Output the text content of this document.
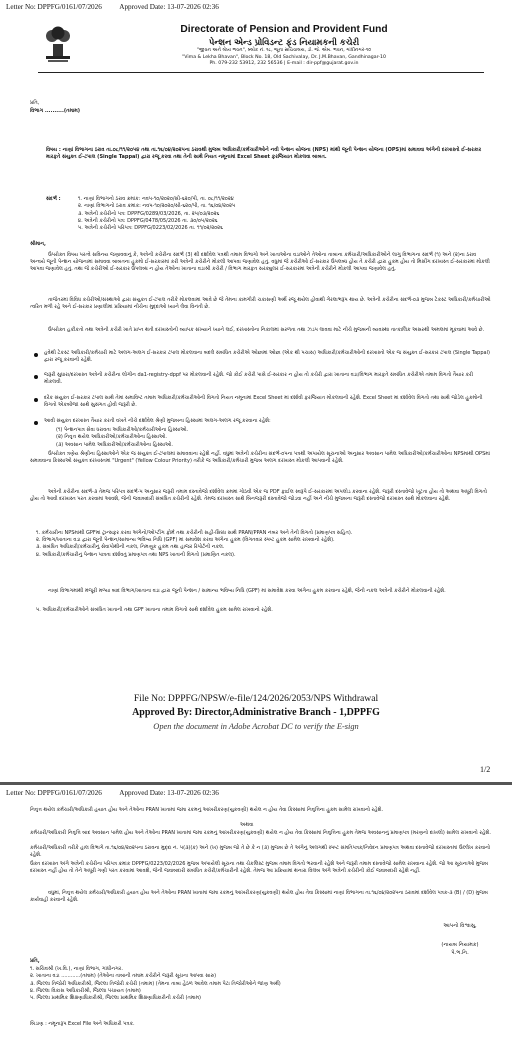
Letter No: DPPFG/0161/07/2026 Approved Date: 13-07-2026 02:36
Directorate of Pension and Provident Fund
પેન્શન એન્ડ પ્રોવિડન્ટ ફંડ નિયામકની કચેરી
"જીવન અને લેખા ભવન", બ્લોક નં. ૧૮, જૂના સચિવાલય, ડૉ. જે. એમ. ભવન, ગાંધીનગર-૧૦
"Vima & Lekha Bhavan", Block No. 18, Old Sachivalay, Dr. J.M.Bhavan, Gandhinagar-10
Ph. 079-232 53912, 232 56536 | E-mail : dir-ppf@gujarat.gov.in
પ્રતિ,
વિભાગ ..........(તમામ)
વિષય : નાણાં વિભાગના ઠરાવ તા.૦૮/૧૧/૨૦૫૪ તથા તા.૧૬/૦૪/૨૦૨૫ના ઠરાવથી મુજબ અધિકારી/કર્મચારીઓને નવી પેન્શન યોજના (NPS) માંથી જૂની પેન્શન યોજના (OPS)માં સમાવવા અંગેની દરખાસ્તો ઈ-સરકાર મારફતે સંયુક્ત ઈ-ટપાલ (Single Tappal) દ્વારા રજૂ કરવા તથા તેની સાથે નિયત નમૂનામાં Excel Sheet ફરજિયાત મોકલવા બાબત.
સંદર્ભ :	૧. નાણાં વિભાગનો ઠરાવ ક્રમાંક: નવપ-૧૦/૨૦૨૦/સી-૬૨૦/પી, તા. ૦૮/૧૧/૨૦૨૪
૨. નાણાં વિભાગનો ઠરાવ ક્રમાંક: નવપ-૧૦/૨૦૨૦/સી-૬૨૦/પી, તા. ૧૬/૦૪/૨૦૨૫
૩. અત્રેની કચેરીનો પત્ર: DPPFG/0289/03/2026, તા. ૨૫/૦૩/૨૦૨૬
૪. અત્રેની કચેરીનો પત્ર: DPPFG/0478/05/2026 તા. ૩૦/૦૫/૨૦૨૬
૫. અત્રેની કચેરીનો પરિપત્ર: DPPFG/0223/02/2026 તા. ૧૧/૦૨/૨૦૨૬
શ્રીમાન,
ઉપરોક્ત વિષય પરત્વે સવિનય જણાવવાનું કે, અત્રેની કચેરીના સંદર્ભ (3) થી દર્શાવેલ પત્રથી તમામ વિભાગો અને ખાતાઓના વડાઓને તેઓના તાબાના કર્મચારી/અધિકારીઓને લાગુ વિભાગના સંદર્ભ (૧) અને (૨)ના ઠરાવ અન્વયે જૂની પેન્શન યોજનામાં સમાવવા બાબતના હુકમો ઈ-સરકારમાં કરી અત્રેની કચેરીને મોકલી આપવા જણાવેલ હતું. વધુમાં જે કચેરીઓ ઈ-સરકાર ઉપલબ્ધ હોય તે કચેરી દ્વારા હુકમ હોય તો મિસીંગ દરખાસ્ત ઈ-સરકારમાં મોકલી આપવા જણાવેલ હતું. તથા જે કચેરીઓ ઈ-સરકાર ઉપલબ્ધ ન હોય તેઓના ખાતાના વડાશ્રી કચેરી / વિભાગ મારફત સરક્યુલર ઈ-સરકારમાં અત્રેની કચેરીને મોકલી આપવા જણાવેલ હતું.
તાજેતરમાં વિવિધ કચેરીઓ/સંસ્થાઓ દ્વારા સંયુક્ત ઈ-ટપાલ તરીકે મોકલવામાં આવે છે જે તેમના કામગીરી ચકાસણી અર્થે રજૂ થયેલ હોવાથી ગેરલાભરૂપ થાય છે. અત્રેની કચેરીના સંદર્ભ-૦૩ મુજબ ટેકસ્ટ અધિકારી/કર્મચારીઓ ત્વરિત મળી રહે અને ઈ-સરકાર પ્રણાલીમાં પ્રક્રિયામાં નીચેના મુદ્દાઓ ધ્યાને લેવા વિનંતી છે.
ઉપરોક્ત હકીકતો તથા અત્રેની કચેરી ખાતે પ્રાપ્ત થતી દરખાસ્તોની વ્યાપક સંખ્યાને ધ્યાને લઈ, દરખાસ્તોના નિકાલમાં સરળતા તથા ઝડપ લાવવા માટે નીચે મુજબની વ્યવસ્થા તાત્કાલિક અસરથી અમલમાં મૂકવામાં આવે છે.
હવેથી ટેકસ્ટ અધિકારી/કર્મચારી માટે અલગ-અલગ ઈ-સરકાર ટપાલ મોકલવાના બદલે સંબંધિત કચેરીએ ઓછામાં ઓછા (એક થી પચાસ) અધિકારી/કર્મચારીઓની દરખાસ્તો એક જ સંયુક્ત ઈ-સરકાર ટપાલ (Single Tappal) દ્વારા રજૂ કરવાની રહેશે.
જરૂરી સુધારા/દરખાસ્ત અત્રેની કચેરીના લોગીન da1-registry-dppf પર મોકલવાની રહેશે. જો કોઈ કચેરી પાસે ઈ-સરકાર ન હોય તો કચેરી દ્વારા ખાતાના વડા/વિભાગ મારફતે સંબંધિત કચેરીએ તમામ વિગતો તૈયાર કરી મોકલવી.
દરેક સંયુક્ત ઈ-સરકાર ટપાલ સાથે તેમાં સમાવિષ્ટ તમામ અધિકારી/કર્મચારીઓની વિગતો નિયત નમૂનામાં Excel Sheet માં દર્શાવી ફરજિયાત મોકલવાની રહેશે. Excel Sheet માં દર્શાવેલ વિગતો તથા સાથે જોડેલ હુકમોની વિગતો એકબીજા સાથે સુસંગત હોવી જરૂરી છે.
આવી સંયુક્ત દરખાસ્ત તૈયાર કરતી વખતે નીચે દર્શાવેલ શ્રેણી મુજબના હિસ્સામાં અલગ-અલગ રજૂ કરવાના રહેશે:
(૧) પેન્શનપાત્ર સેવા ધરાવતા અધિકારીઓ/કર્મચારીઓના હિસ્સાઓ.
(૨) નિવૃત્ત થયેલ અધિકારીઓ/કર્મચારીઓના હિસ્સાઓ.
(૩) અવસાન પામેલ અધિકારીઓ/કર્મચારીઓના હિસ્સાઓ.
ઉપરોક્ત ત્રણેય શ્રેણીના હિસ્સાઓને એક જ સંયુક્ત ઈ-ટપાલમાં સમાવવાના રહેશે નહીં. વધુમાં અત્રેની કચેરીના સંદર્ભ-૦૫ના પત્રથી અપાયેલ સૂચનાઓ અનુસાર અવસાન પામેલ અધિકારીઓ/કર્મચારીઓના NPSમાંથી OPSમાં સમાવવાના કિસ્સાઓ સંયુક્ત દરખાસ્તમાં "Urgent" (Yellow Colour Priority) તરીકે જ અધિકારી/કર્મચારી મુજબ અલગ દરખાસ્ત મોકલી આપવાની રહેશે.
અત્રેની કચેરીના સંદર્ભ-૩ તેમજ પરિપત્ર સંદર્ભ-૫ અનુસાર જરૂરી તમામ દસ્તાવેજો દર્શાવેલ ક્રમમાં ગોઠવી એક જ PDF ફાઈલ સ્વરૂપે ઈ-સરકારમાં અપલોડ કરવાના રહેશે. જરૂરી દસ્તાવેજો ખૂટતા હોય તો અથવા અધૂરી વિગતો હોય તો આવી દરખાસ્ત પરત કરવામાં આવશે, જેની જવાબદારી સંબંધિત કચેરીની રહેશે. તેમજ દરખાસ્ત સાથે બિનજરૂરી દસ્તાવેજો જોડવા નહીં અને નીચે મુજબના જરૂરી દસ્તાવેજો દરખાસ્ત સાથે મોકલવાના રહેશે.
૧. કર્મચારીના NPSમાંથી GPFમાં ટ્રાન્સફર કરવા અંગેનો/ઓપ્ટીંગ ફોર્મ તથા કચેરીની સહી-સિક્કા સાથે PRAN/PPAN નંબર અને તેની વિગતો (પ્રમાણપત્ર સહિત).
૨. વિભાગ/ખાતાના વડા દ્વારા જૂની પેન્શન/સામાન્ય ભવિષ્ય નિધિ (GPF) માં સમાવેશ કરવા અંગેના હુકમ (વિગતવાર સ્પષ્ટ હુકમ સામેલ રાખવાનો રહેશે).
૩. સંબંધિત અધિકારી/કર્મચારીનું સેવાપોથીની નકલ, નિમણૂક હુકમ તથા હાજર રિપોર્ટની નકલ.
૪. અધિકારી/કર્મચારીનું પેન્શન પાત્રતા દર્શાવતું પ્રમાણપત્ર તથા NPS ખાતાની વિગતો (પ્રમાણિત નકલ).
નાણાં વિભાગમાંથી મંજૂરી મળ્યા બાદ વિભાગ/ખાતાના વડા દ્વારા જૂની પેન્શન / સામાન્ય ભવિષ્ય નિધિ (GPF) માં સમાવેશ કરવા અંગેના હુકમ કરવાના રહેશે, જેની નકલ અત્રેની કચેરીને મોકલવાની રહેશે.
૫. અધિકારી/કર્મચારીઓને સંબંધિત ખાતાની તથા GPF ખાતાના તમામ વિગતો સાથે દર્શાવેલ હુકમ સામેલ રાખવાનો રહેશે.
File No: DPPFG/NPSW/e-file/124/2026/2053/NPS Withdrawal
Approved By: Director,Administrative Branch - 1,DPPFG
Open the document in Adobe Acrobat DC to verify the E-sign
1/2
Letter No: DPPFG/0161/07/2026 Approved Date: 13-07-2026 02:36
નિવૃત્ત થયેલ કર્મચારી/અધિકારી હયાત હોય અને તેઓના PRAN ખાતામાં જમા રકમનું આખરીકરણ(યુકવણી) થયેલ ન હોય તેવા કિસ્સામાં નિવૃત્તિના હુકમ સામેલ રાખવાનો રહેશે.
અથવા
કર્મચારી/અધિકારી નિવૃત્તિ બાદ અવસાન પામેલ હોય અને તેઓના PRAN ખાતામાં જમા રકમનું આખરીકરણ(યુકવણી) થયેલ ન હોય તેવા કિસ્સામાં નિવૃત્તિના હુકમ તેમજ અવસાનનું પ્રમાણપત્ર (મરણનો દાખલો) સામેલ રાખવાનો રહેશે.
કર્મચારી/અધિકારી તરીકે હાલ વિભાગે તા.૧૬/૦૪/૨૦૨૫ના ઠરાવના મુદ્દા નં. ૫(૩)(ક) અને (ખ) મુજબ જો તે છે કે ન (૩) મુજબ છે તે અંગેનું અલગથી સ્પષ્ટ સંમતિપત્રક/નિવેદન પ્રમાણપત્ર અથવા દસ્તાવેજો દરખાસ્તમાં ઉલ્લેખ કરવાનો રહેશે.
ઉક્ત દરખાસ્ત અંગે અત્રેની કચેરીના પરિપત્ર ક્રમાંક DPPFG/0223/02/2026 મુજબ અપાયેલી સૂચના તથા ચેકલિસ્ટ મુજબ તમામ વિગતો ભરવાની રહેશે અને જરૂરી તમામ દસ્તાવેજો સામેલ રાખવાના રહેશે. જો આ સૂચનાઓ મુજબ દરખાસ્ત નહીં હોય તો તેને અધૂરી ગણી પરત કરવામાં આવશે, જેની જવાબદારી સંબંધિત કચેરી/કર્મચારીની રહેશે. તેમજ આ પ્રક્રિયામાં થનારા વિલંબ અંગે અત્રેની કચેરીની કોઈ જવાબદારી રહેશે નહીં.
વધુમાં, નિવૃત્ત થયેલ કર્મચારી/અધિકારી હયાત હોય અને તેઓના PRAN ખાતામાં જમા રકમનું આખરીકરણ(યુકવણી) થયેલ હોય તેવા કિસ્સામાં નાણાં વિભાગના તા.૧૬/૦૪/૨૦૨૫ના ઠરાવમાં દર્શાવેલ પત્રક-૩ (B) / (D) મુજબ કાર્યવાહી કરવાની રહેશે.
આપનો વિશ્વાસુ,
(નાયબ નિયામક)
પે.ભ.નિ.
પ્રતિ,
૧. સચિવશ્રી (ખ.વિ.), નાણાં વિભાગ, ગાંધીનગર.
૨. ખાતાના વડા ............(તમામ) (તેઓના તાબાની તમામ કચેરીને જરૂરી સૂચના આપવા સારુ)
૩. જિલ્લા તિજોરી અધિકારીશ્રી, જિલ્લા તિજોરી કચેરી (તમામ) (તેમના તાબા હેઠળ આવેલ તમામ પેટા તિજોરીઓને જાણ અર્થે)
૪. જિલ્લા વિકાસ અધિકારીશ્રી, જિલ્લા પંચાયત (તમામ)
૫. જિલ્લા પ્રાથમિક શિક્ષણાધિકારીશ્રી, જિલ્લા પ્રાથમિક શિક્ષણાધિકારીની કચેરી (તમામ)
બિડાણ : નમૂનારૂપ Excel File અને અધિકારી પત્રક.
